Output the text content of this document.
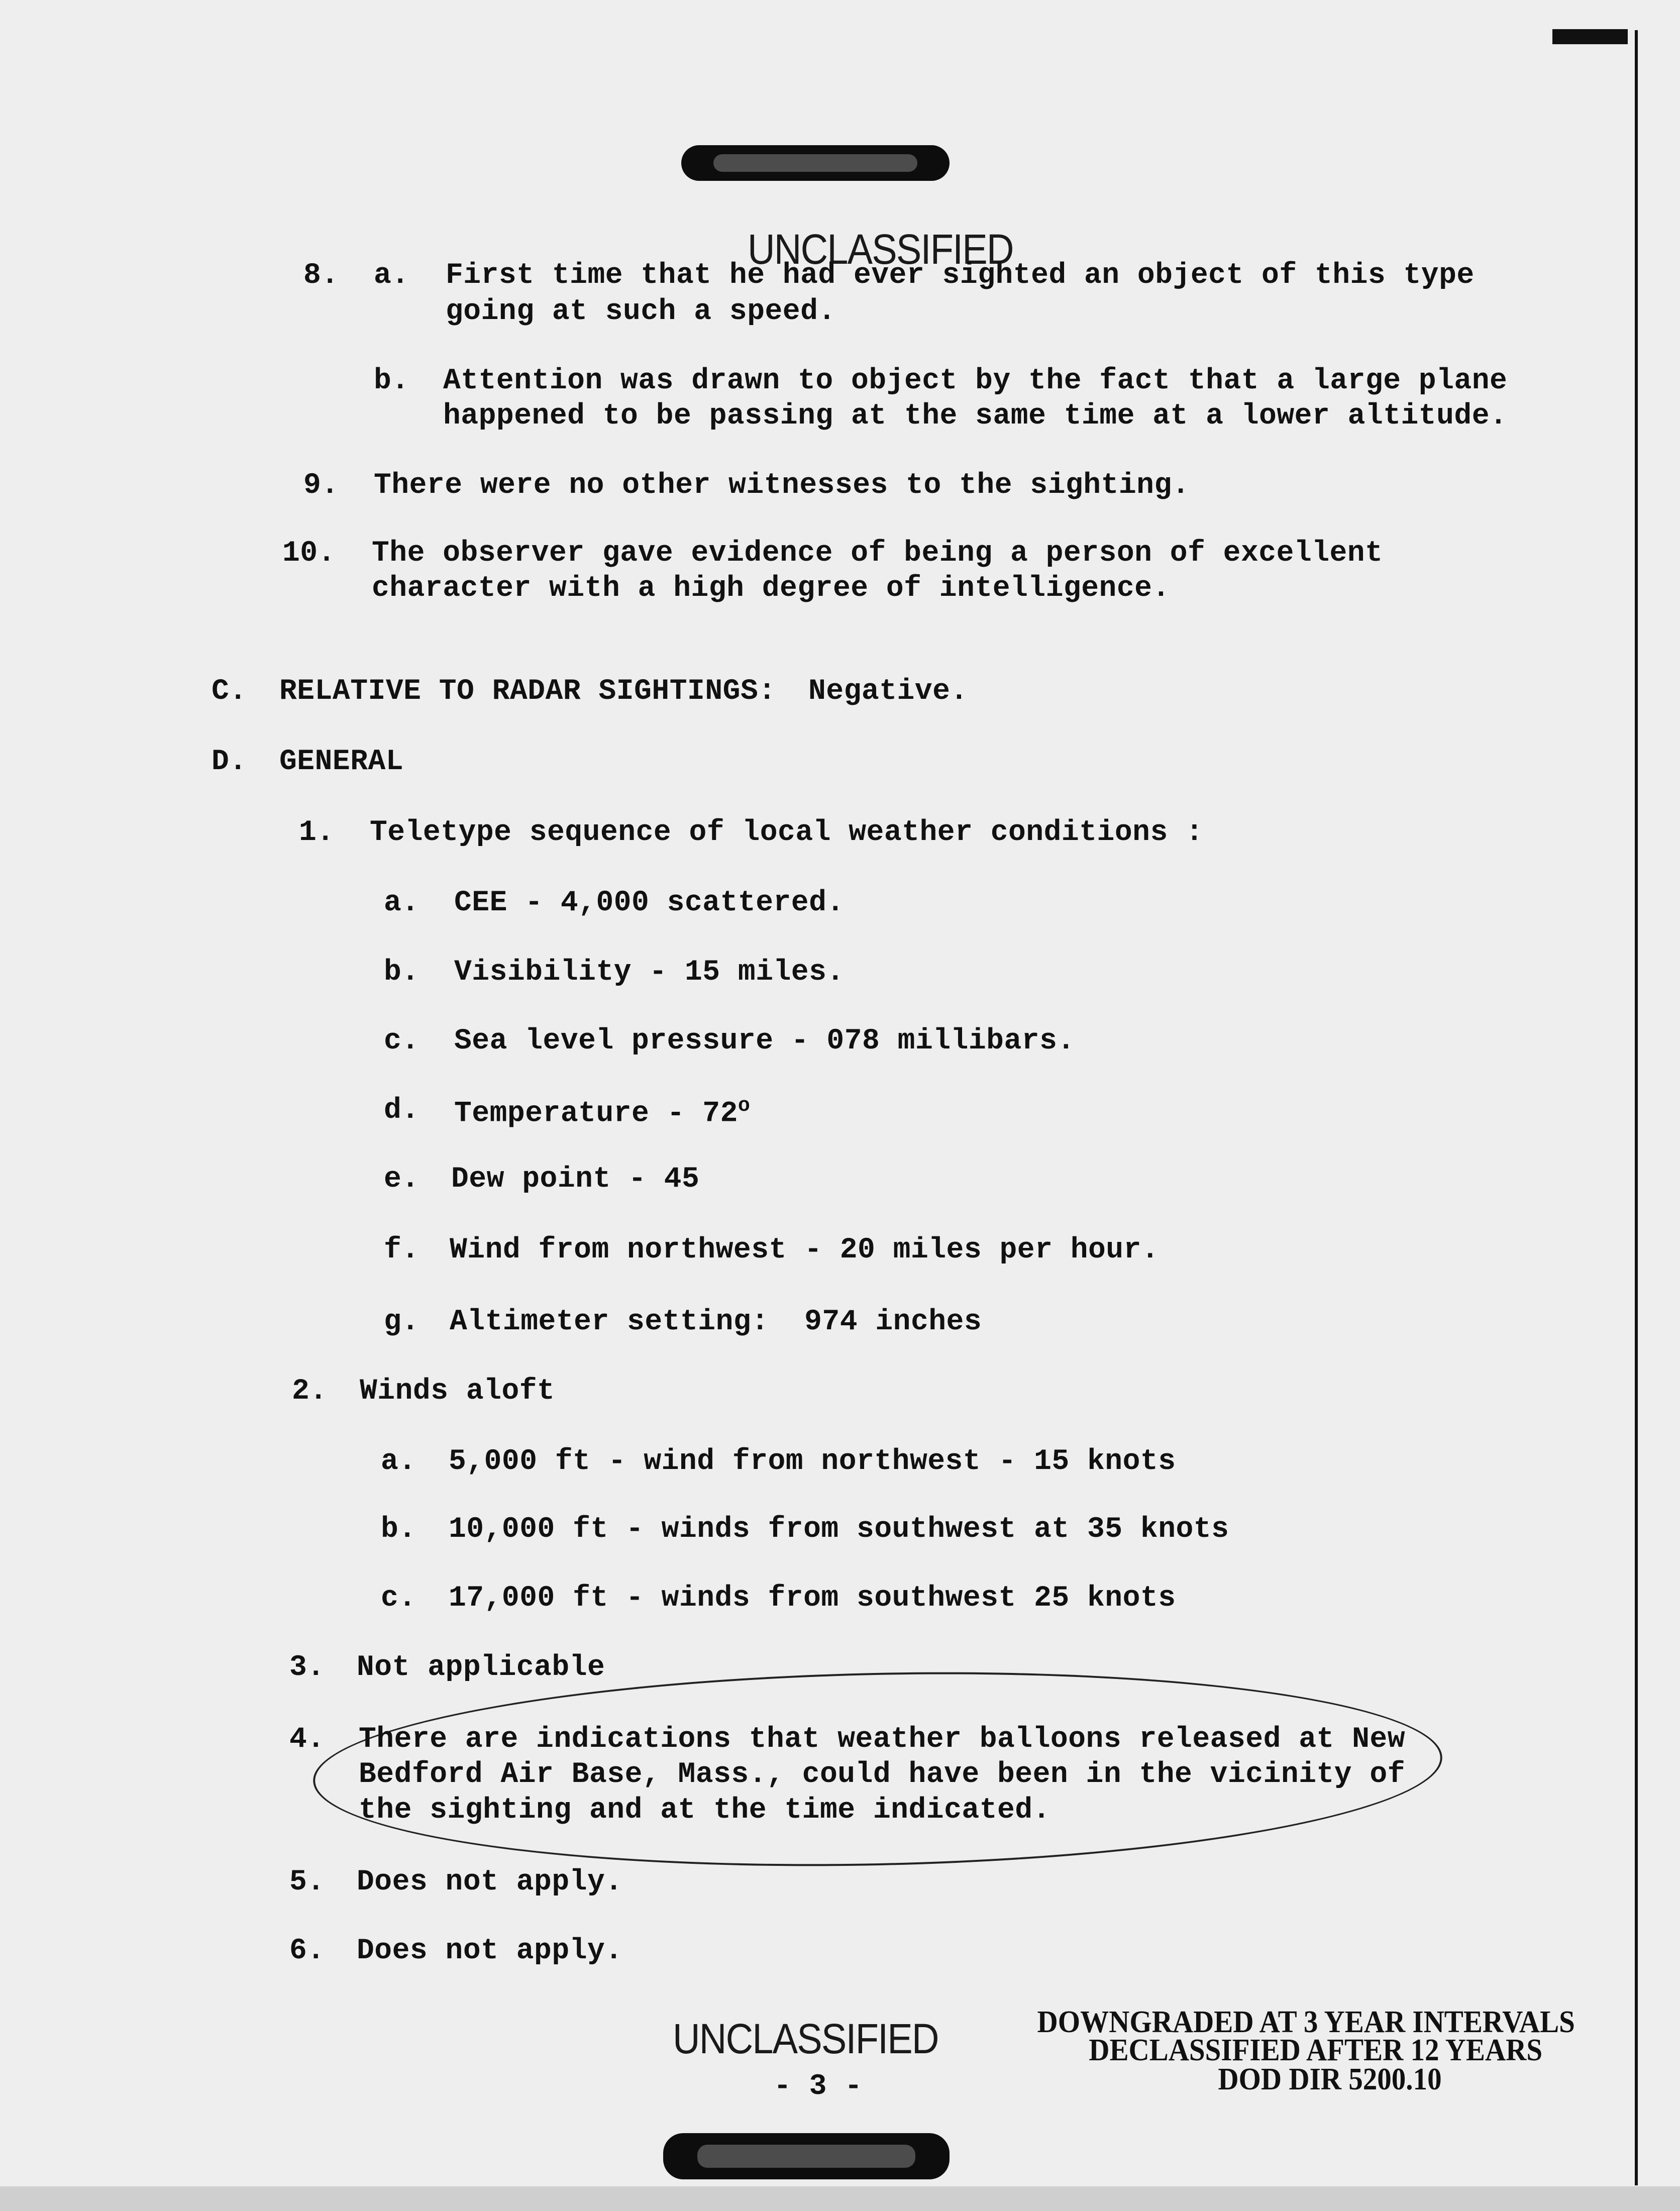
UNCLASSIFIED
8. a. First time that he had ever sighted an object of this type
going at such a speed.
b. Attention was drawn to object by the fact that a large plane
happened to be passing at the same time at a lower altitude.
9. There were no other witnesses to the sighting.
10. The observer gave evidence of being a person of excellent
character with a high degree of intelligence.
C. RELATIVE TO RADAR SIGHTINGS: Negative.
D. GENERAL
1. Teletype sequence of local weather conditions :
a. CEE - 4,000 scattered.
b. Visibility - 15 miles.
c. Sea level pressure - 078 millibars.
d. Temperature - 72$^o$
e. Dew point - 45
f. Wind from northwest - 20 miles per hour.
g. Altimeter setting:  974 inches
2. Winds aloft
a. 5,000 ft - wind from northwest - 15 knots
b. 10,000 ft - winds from southwest at 35 knots
c. 17,000 ft - winds from southwest 25 knots
3. Not applicable
4. There are indications that weather balloons released at New
Bedford Air Base, Mass., could have been in the vicinity of
the sighting and at the time indicated.
5. Does not apply.
6. Does not apply.
UNCLASSIFIED
- 3 -
DOWNGRADED AT 3 YEAR INTERVALS
DECLASSIFIED AFTER 12 YEARS
DOD DIR 5200.10
